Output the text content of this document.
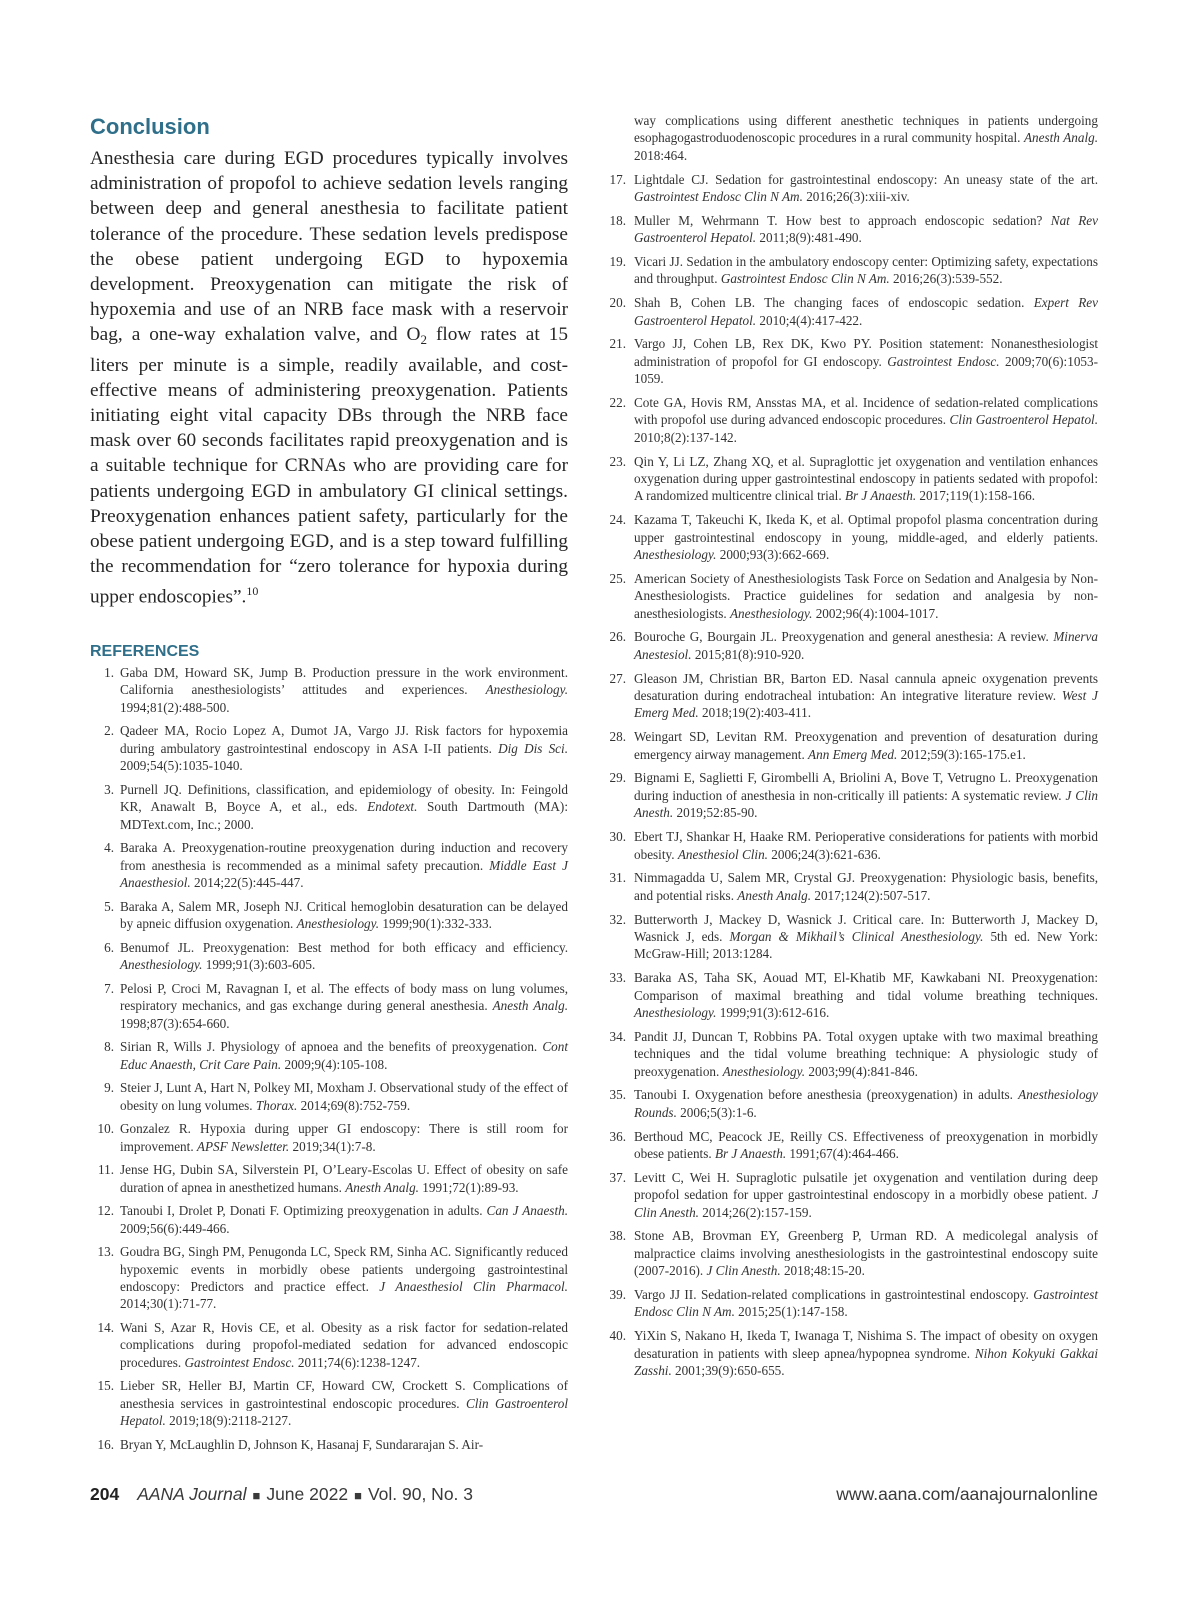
Conclusion

Anesthesia care during EGD procedures typically involves administration of propofol to achieve sedation levels ranging between deep and general anesthesia to facilitate patient tolerance of the procedure. These sedation levels predispose the obese patient undergoing EGD to hypoxemia development. Preoxygenation can mitigate the risk of hypoxemia and use of an NRB face mask with a reservoir bag, a one-way exhalation valve, and $O_2$ flow rates at 15 liters per minute is a simple, readily available, and cost-effective means of administering preoxygenation. Patients initiating eight vital capacity DBs through the NRB face mask over 60 seconds facilitates rapid preoxygenation and is a suitable technique for CRNAs who are providing care for patients undergoing EGD in ambulatory GI clinical settings. Preoxygenation enhances patient safety, particularly for the obese patient undergoing EGD, and is a step toward fulfilling the recommendation for “zero tolerance for hypoxia during upper endoscopies”.$^{10}$

REFERENCES
1. Gaba DM, Howard SK, Jump B. Production pressure in the work environment. California anesthesiologists’ attitudes and experiences. Anesthesiology. 1994;81(2):488-500.
2. Qadeer MA, Rocio Lopez A, Dumot JA, Vargo JJ. Risk factors for hypoxemia during ambulatory gastrointestinal endoscopy in ASA I-II patients. Dig Dis Sci. 2009;54(5):1035-1040.
3. Purnell JQ. Definitions, classification, and epidemiology of obesity. In: Feingold KR, Anawalt B, Boyce A, et al., eds. Endotext. South Dartmouth (MA): MDText.com, Inc.; 2000.
4. Baraka A. Preoxygenation-routine preoxygenation during induction and recovery from anesthesia is recommended as a minimal safety precaution. Middle East J Anaesthesiol. 2014;22(5):445-447.
5. Baraka A, Salem MR, Joseph NJ. Critical hemoglobin desaturation can be delayed by apneic diffusion oxygenation. Anesthesiology. 1999;90(1):332-333.
6. Benumof JL. Preoxygenation: Best method for both efficacy and efficiency. Anesthesiology. 1999;91(3):603-605.
7. Pelosi P, Croci M, Ravagnan I, et al. The effects of body mass on lung volumes, respiratory mechanics, and gas exchange during general anesthesia. Anesth Analg. 1998;87(3):654-660.
8. Sirian R, Wills J. Physiology of apnoea and the benefits of preoxygenation. Cont Educ Anaesth, Crit Care Pain. 2009;9(4):105-108.
9. Steier J, Lunt A, Hart N, Polkey MI, Moxham J. Observational study of the effect of obesity on lung volumes. Thorax. 2014;69(8):752-759.
10. Gonzalez R. Hypoxia during upper GI endoscopy: There is still room for improvement. APSF Newsletter. 2019;34(1):7-8.
11. Jense HG, Dubin SA, Silverstein PI, O’Leary-Escolas U. Effect of obesity on safe duration of apnea in anesthetized humans. Anesth Analg. 1991;72(1):89-93.
12. Tanoubi I, Drolet P, Donati F. Optimizing preoxygenation in adults. Can J Anaesth. 2009;56(6):449-466.
13. Goudra BG, Singh PM, Penugonda LC, Speck RM, Sinha AC. Significantly reduced hypoxemic events in morbidly obese patients undergoing gastrointestinal endoscopy: Predictors and practice effect. J Anaesthesiol Clin Pharmacol. 2014;30(1):71-77.
14. Wani S, Azar R, Hovis CE, et al. Obesity as a risk factor for sedation-related complications during propofol-mediated sedation for advanced endoscopic procedures. Gastrointest Endosc. 2011;74(6):1238-1247.
15. Lieber SR, Heller BJ, Martin CF, Howard CW, Crockett S. Complications of anesthesia services in gastrointestinal endoscopic procedures. Clin Gastroenterol Hepatol. 2019;18(9):2118-2127.
16. Bryan Y, McLaughlin D, Johnson K, Hasanaj F, Sundararajan S. Air-
way complications using different anesthetic techniques in patients undergoing esophagogastroduodenoscopic procedures in a rural community hospital. Anesth Analg. 2018:464.
17. Lightdale CJ. Sedation for gastrointestinal endoscopy: An uneasy state of the art. Gastrointest Endosc Clin N Am. 2016;26(3):xiii-xiv.
18. Muller M, Wehrmann T. How best to approach endoscopic sedation? Nat Rev Gastroenterol Hepatol. 2011;8(9):481-490.
19. Vicari JJ. Sedation in the ambulatory endoscopy center: Optimizing safety, expectations and throughput. Gastrointest Endosc Clin N Am. 2016;26(3):539-552.
20. Shah B, Cohen LB. The changing faces of endoscopic sedation. Expert Rev Gastroenterol Hepatol. 2010;4(4):417-422.
21. Vargo JJ, Cohen LB, Rex DK, Kwo PY. Position statement: Nonanesthesiologist administration of propofol for GI endoscopy. Gastrointest Endosc. 2009;70(6):1053-1059.
22. Cote GA, Hovis RM, Ansstas MA, et al. Incidence of sedation-related complications with propofol use during advanced endoscopic procedures. Clin Gastroenterol Hepatol. 2010;8(2):137-142.
23. Qin Y, Li LZ, Zhang XQ, et al. Supraglottic jet oxygenation and ventilation enhances oxygenation during upper gastrointestinal endoscopy in patients sedated with propofol: A randomized multicentre clinical trial. Br J Anaesth. 2017;119(1):158-166.
24. Kazama T, Takeuchi K, Ikeda K, et al. Optimal propofol plasma concentration during upper gastrointestinal endoscopy in young, middle-aged, and elderly patients. Anesthesiology. 2000;93(3):662-669.
25. American Society of Anesthesiologists Task Force on Sedation and Analgesia by Non-Anesthesiologists. Practice guidelines for sedation and analgesia by non-anesthesiologists. Anesthesiology. 2002;96(4):1004-1017.
26. Bouroche G, Bourgain JL. Preoxygenation and general anesthesia: A review. Minerva Anestesiol. 2015;81(8):910-920.
27. Gleason JM, Christian BR, Barton ED. Nasal cannula apneic oxygenation prevents desaturation during endotracheal intubation: An integrative literature review. West J Emerg Med. 2018;19(2):403-411.
28. Weingart SD, Levitan RM. Preoxygenation and prevention of desaturation during emergency airway management. Ann Emerg Med. 2012;59(3):165-175.e1.
29. Bignami E, Saglietti F, Girombelli A, Briolini A, Bove T, Vetrugno L. Preoxygenation during induction of anesthesia in non-critically ill patients: A systematic review. J Clin Anesth. 2019;52:85-90.
30. Ebert TJ, Shankar H, Haake RM. Perioperative considerations for patients with morbid obesity. Anesthesiol Clin. 2006;24(3):621-636.
31. Nimmagadda U, Salem MR, Crystal GJ. Preoxygenation: Physiologic basis, benefits, and potential risks. Anesth Analg. 2017;124(2):507-517.
32. Butterworth J, Mackey D, Wasnick J. Critical care. In: Butterworth J, Mackey D, Wasnick J, eds. Morgan & Mikhail’s Clinical Anesthesiology. 5th ed. New York: McGraw-Hill; 2013:1284.
33. Baraka AS, Taha SK, Aouad MT, El-Khatib MF, Kawkabani NI. Preoxygenation: Comparison of maximal breathing and tidal volume breathing techniques. Anesthesiology. 1999;91(3):612-616.
34. Pandit JJ, Duncan T, Robbins PA. Total oxygen uptake with two maximal breathing techniques and the tidal volume breathing technique: A physiologic study of preoxygenation. Anesthesiology. 2003;99(4):841-846.
35. Tanoubi I. Oxygenation before anesthesia (preoxygenation) in adults. Anesthesiology Rounds. 2006;5(3):1-6.
36. Berthoud MC, Peacock JE, Reilly CS. Effectiveness of preoxygenation in morbidly obese patients. Br J Anaesth. 1991;67(4):464-466.
37. Levitt C, Wei H. Supraglotic pulsatile jet oxygenation and ventilation during deep propofol sedation for upper gastrointestinal endoscopy in a morbidly obese patient. J Clin Anesth. 2014;26(2):157-159.
38. Stone AB, Brovman EY, Greenberg P, Urman RD. A medicolegal analysis of malpractice claims involving anesthesiologists in the gastrointestinal endoscopy suite (2007-2016). J Clin Anesth. 2018;48:15-20.
39. Vargo JJ II. Sedation-related complications in gastrointestinal endoscopy. Gastrointest Endosc Clin N Am. 2015;25(1):147-158.
40. YiXin S, Nakano H, Ikeda T, Iwanaga T, Nishima S. The impact of obesity on oxygen desaturation in patients with sleep apnea/hypopnea syndrome. Nihon Kokyuki Gakkai Zasshi. 2001;39(9):650-655.
204 AANA Journal ■ June 2022 ■ Vol. 90, No. 3	www.aana.com/aanajournalonline
